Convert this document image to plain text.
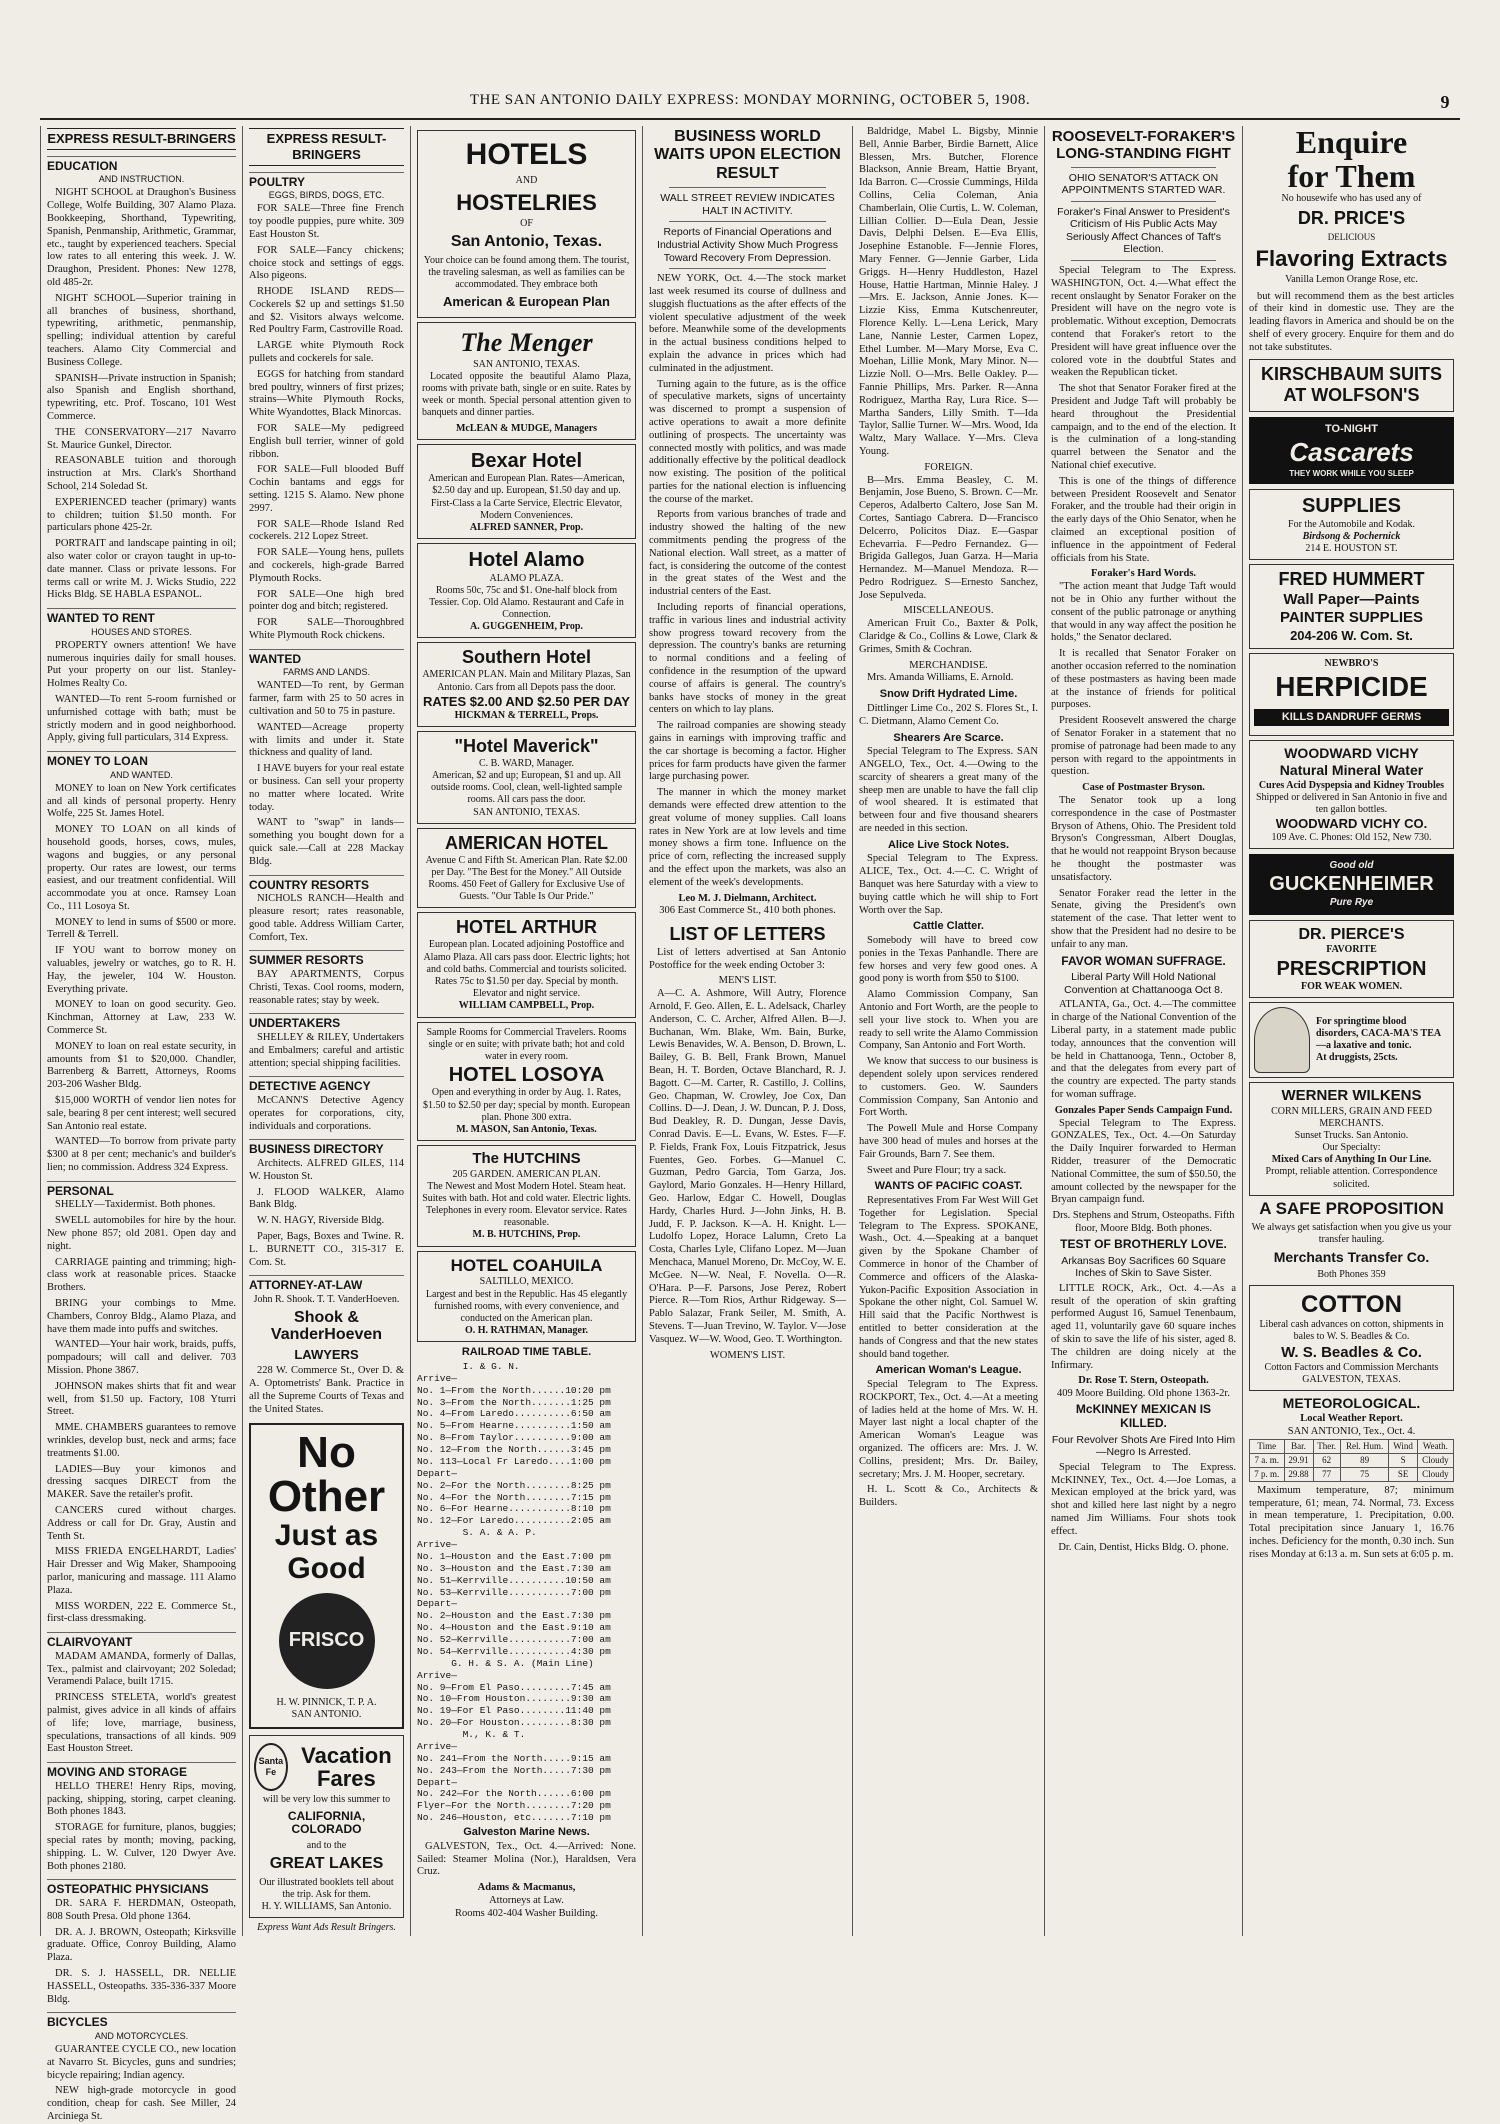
THE SAN ANTONIO DAILY EXPRESS: MONDAY MORNING, OCTOBER 5, 1908.	9
EXPRESS RESULT-BRINGERS
EDUCATION
AND INSTRUCTION.

NIGHT SCHOOL at Draughon's Business College, Wolfe Building, 307 Alamo Plaza. Bookkeeping, Shorthand, Typewriting, Spanish, Penmanship, Arithmetic, Grammar, etc., taught by experienced teachers. Special low rates to all entering this week. J. W. Draughon, President. Phones: New 1278, old 485-2r.

NIGHT SCHOOL—Superior training in all branches of business, shorthand, typewriting, arithmetic, penmanship, spelling; individual attention by careful teachers. Alamo City Commercial and Business College.

SPANISH—Private instruction in Spanish; also Spanish and English shorthand, typewriting, etc. Prof. Toscano, 101 West Commerce.

THE CONSERVATORY—217 Navarro St. Maurice Gunkel, Director.

REASONABLE tuition and thorough instruction at Mrs. Clark's Shorthand School, 214 Soledad St.

EXPERIENCED teacher (primary) wants to children; tuition $1.50 month. For particulars phone 425-2r.

PORTRAIT and landscape painting in oil; also water color or crayon taught in up-to-date manner. Class or private lessons. For terms call or write M. J. Wicks Studio, 222 Hicks Bldg. SE HABLA ESPANOL.

WANTED TO RENT
HOUSES AND STORES.

PROPERTY owners attention! We have numerous inquiries daily for small houses. Put your property on our list. Stanley-Holmes Realty Co.

WANTED—To rent 5-room furnished or unfurnished cottage with bath; must be strictly modern and in good neighborhood. Apply, giving full particulars, 314 Express.

MONEY TO LOAN
AND WANTED.

MONEY to loan on New York certificates and all kinds of personal property. Henry Wolfe, 225 St. James Hotel.

MONEY TO LOAN on all kinds of household goods, horses, cows, mules, wagons and buggies, or any personal property. Our rates are lowest, our terms easiest, and our treatment confidential. Will accommodate you at once. Ramsey Loan Co., 111 Losoya St.

MONEY to lend in sums of $500 or more. Terrell & Terrell.

IF YOU want to borrow money on valuables, jewelry or watches, go to R. H. Hay, the jeweler, 104 W. Houston. Everything private.

MONEY to loan on good security. Geo. Kinchman, Attorney at Law, 233 W. Commerce St.

MONEY to loan on real estate security, in amounts from $1 to $20,000. Chandler, Barrenberg & Barrett, Attorneys, Rooms 203-206 Washer Bldg.

$15,000 WORTH of vendor lien notes for sale, bearing 8 per cent interest; well secured San Antonio real estate.

WANTED—To borrow from private party $300 at 8 per cent; mechanic's and builder's lien; no commission. Address 324 Express.

PERSONAL

SHELLY—Taxidermist. Both phones.

SWELL automobiles for hire by the hour. New phone 857; old 2081. Open day and night.

CARRIAGE painting and trimming; high-class work at reasonable prices. Staacke Brothers.

BRING your combings to Mme. Chambers, Conroy Bldg., Alamo Plaza, and have them made into puffs and switches.

WANTED—Your hair work, braids, puffs, pompadours; will call and deliver. 703 Mission. Phone 3867.

JOHNSON makes shirts that fit and wear well, from $1.50 up. Factory, 108 Yturri Street.

MME. CHAMBERS guarantees to remove wrinkles, develop bust, neck and arms; face treatments $1.00.

LADIES—Buy your kimonos and dressing sacques DIRECT from the MAKER. Save the retailer's profit.

CANCERS cured without charges. Address or call for Dr. Gray, Austin and Tenth St.

MISS FRIEDA ENGELHARDT, Ladies' Hair Dresser and Wig Maker, Shampooing parlor, manicuring and massage. 111 Alamo Plaza.

MISS WORDEN, 222 E. Commerce St., first-class dressmaking.

CLAIRVOYANT

MADAM AMANDA, formerly of Dallas, Tex., palmist and clairvoyant; 202 Soledad; Veramendi Palace, built 1715.

PRINCESS STELETA, world's greatest palmist, gives advice in all kinds of affairs of life; love, marriage, business, speculations, transactions of all kinds. 909 East Houston Street.

MOVING AND STORAGE

HELLO THERE! Henry Rips, moving, packing, shipping, storing, carpet cleaning. Both phones 1843.

STORAGE for furniture, planos, buggies; special rates by month; moving, packing, shipping. L. W. Culver, 120 Dwyer Ave. Both phones 2180.

OSTEOPATHIC PHYSICIANS

DR. SARA F. HERDMAN, Osteopath, 808 South Presa. Old phone 1364.

DR. A. J. BROWN, Osteopath; Kirksville graduate. Office, Conroy Building, Alamo Plaza.

DR. S. J. HASSELL, DR. NELLIE HASSELL, Osteopaths. 335-336-337 Moore Bldg.

BICYCLES
AND MOTORCYCLES.

GUARANTEE CYCLE CO., new location at Navarro St. Bicycles, guns and sundries; bicycle repairing; Indian agency.

NEW high-grade motorcycle in good condition, cheap for cash. See Miller, 24 Arciniega St.

EXPRESS RESULT-BRINGERS
POULTRY
EGGS, BIRDS, DOGS, ETC.

FOR SALE—Three fine French toy poodle puppies, pure white. 309 East Houston St.

FOR SALE—Fancy chickens; choice stock and settings of eggs. Also pigeons.

RHODE ISLAND REDS—Cockerels $2 up and settings $1.50 and $2. Visitors always welcome. Red Poultry Farm, Castroville Road.

LARGE white Plymouth Rock pullets and cockerels for sale.

EGGS for hatching from standard bred poultry, winners of first prizes; strains—White Plymouth Rocks, White Wyandottes, Black Minorcas.

FOR SALE—My pedigreed English bull terrier, winner of gold ribbon.

FOR SALE—Full blooded Buff Cochin bantams and eggs for setting. 1215 S. Alamo. New phone 2997.

FOR SALE—Rhode Island Red cockerels. 212 Lopez Street.

FOR SALE—Young hens, pullets and cockerels, high-grade Barred Plymouth Rocks.

FOR SALE—One high bred pointer dog and bitch; registered.

FOR SALE—Thoroughbred White Plymouth Rock chickens.

WANTED
FARMS AND LANDS.

WANTED—To rent, by German farmer, farm with 25 to 50 acres in cultivation and 50 to 75 in pasture.

WANTED—Acreage property with limits and under it. State thickness and quality of land.

I HAVE buyers for your real estate or business. Can sell your property no matter where located. Write today.

WANT to "swap" in lands—something you bought down for a quick sale.—Call at 228 Mackay Bldg.

COUNTRY RESORTS

NICHOLS RANCH—Health and pleasure resort; rates reasonable, good table. Address William Carter, Comfort, Tex.

SUMMER RESORTS

BAY APARTMENTS, Corpus Christi, Texas. Cool rooms, modern, reasonable rates; stay by week.

UNDERTAKERS

SHELLEY & RILEY, Undertakers and Embalmers; careful and artistic attention; special shipping facilities.

DETECTIVE AGENCY

McCANN'S Detective Agency operates for corporations, city, individuals and corporations.

BUSINESS DIRECTORY

Architects. ALFRED GILES, 114 W. Houston St.

J. FLOOD WALKER, Alamo Bank Bldg.

W. N. HAGY, Riverside Bldg.

Paper, Bags, Boxes and Twine. R. L. BURNETT CO., 315-317 E. Com. St.

ATTORNEY-AT-LAW
John R. Shook. T. T. VanderHoeven.
Shook & VanderHoeven
LAWYERS

228 W. Commerce St., Over D. & A. Optometrists' Bank. Practice in all the Supreme Courts of Texas and the United States.

No
Other
Just as Good
FRISCO
H. W. PINNICK, T. P. A.
SAN ANTONIO.
Santa Fe
Vacation Fares
will be very low this summer to
CALIFORNIA, COLORADO
and to the
GREAT LAKES
Our illustrated booklets tell about the trip. Ask for them.
H. Y. WILLIAMS, San Antonio.
Express Want Ads Result Bringers.
HOTELS
AND
HOSTELRIES
OF
San Antonio, Texas.
Your choice can be found among them. The tourist, the traveling salesman, as well as families can be accommodated. They embrace both
American & European Plan
The Menger
SAN ANTONIO, TEXAS.

Located opposite the beautiful Alamo Plaza, rooms with private bath, single or en suite. Rates by week or month. Special personal attention given to banquets and dinner parties.

McLEAN & MUDGE, Managers
Bexar Hotel
American and European Plan. Rates—American, $2.50 day and up. European, $1.50 day and up. First-Class a la Carte Service, Electric Elevator, Modern Conveniences.
ALFRED SANNER, Prop.
Hotel Alamo
ALAMO PLAZA.
Rooms 50c, 75c and $1. One-half block from Tessier. Cop. Old Alamo. Restaurant and Cafe in Connection.
A. GUGGENHEIM, Prop.
Southern Hotel
AMERICAN PLAN. Main and Military Plazas, San Antonio. Cars from all Depots pass the door.
RATES $2.00 AND $2.50 PER DAY
HICKMAN & TERRELL, Props.
"Hotel Maverick"
C. B. WARD, Manager.
American, $2 and up; European, $1 and up. All outside rooms. Cool, clean, well-lighted sample rooms. All cars pass the door.
SAN ANTONIO, TEXAS.
AMERICAN HOTEL
Avenue C and Fifth St. American Plan. Rate $2.00 per Day. "The Best for the Money." All Outside Rooms. 450 Feet of Gallery for Exclusive Use of Guests. "Our Table Is Our Pride."
HOTEL ARTHUR
European plan. Located adjoining Postoffice and Alamo Plaza. All cars pass door. Electric lights; hot and cold baths. Commercial and tourists solicited. Rates 75c to $1.50 per day. Special by month. Elevator and night service.
WILLIAM CAMPBELL, Prop.
Sample Rooms for Commercial Travelers. Rooms single or en suite; with private bath; hot and cold water in every room.
HOTEL LOSOYA
Open and everything in order by Aug. 1. Rates, $1.50 to $2.50 per day; special by month. European plan. Phone 300 extra.
M. MASON, San Antonio, Texas.
The HUTCHINS
205 GARDEN. AMERICAN PLAN.
The Newest and Most Modern Hotel. Steam heat. Suites with bath. Hot and cold water. Electric lights. Telephones in every room. Elevator service. Rates reasonable.
M. B. HUTCHINS, Prop.
HOTEL COAHUILA
SALTILLO, MEXICO.
Largest and best in the Republic. Has 45 elegantly furnished rooms, with every convenience, and conducted on the American plan.
O. H. RATHMAN, Manager.
RAILROAD TIME TABLE.
I. & G. N.
Arrive—
No. 1—From the North......10:20 pm
No. 3—From the North.......1:25 pm
No. 4—From Laredo..........6:50 am
No. 5—From Hearne..........1:50 am
No. 8—From Taylor..........9:00 am
No. 12—From the North......3:45 pm
No. 113—Local Fr Laredo....1:00 pm
Depart—
No. 2—For the North........8:25 pm
No. 4—For the North........7:15 pm
No. 6—For Hearne...........8:10 pm
No. 12—For Laredo..........2:05 am
S. A. & A. P.
Arrive—
No. 1—Houston and the East.7:00 pm
No. 3—Houston and the East.7:30 am
No. 51—Kerrville..........10:50 am
No. 53—Kerrville...........7:00 pm
Depart—
No. 2—Houston and the East.7:30 pm
No. 4—Houston and the East.9:10 am
No. 52—Kerrville...........7:00 am
No. 54—Kerrville...........4:30 pm
G. H. & S. A. (Main Line)
Arrive—
No. 9—From El Paso.........7:45 am
No. 10—From Houston........9:30 am
No. 19—For El Paso........11:40 pm
No. 20—For Houston.........8:30 pm
M., K. & T.
Arrive—
No. 241—From the North.....9:15 am
No. 243—From the North.....7:30 pm
Depart—
No. 242—For the North......6:00 pm
Flyer—For the North........7:20 pm
No. 246—Houston, etc.......7:10 pm
Galveston Marine News.

GALVESTON, Tex., Oct. 4.—Arrived: None. Sailed: Steamer Molina (Nor.), Haraldsen, Vera Cruz.

Adams & Macmanus,
Attorneys at Law.
Rooms 402-404 Washer Building.
BUSINESS WORLD WAITS UPON ELECTION RESULT
WALL STREET REVIEW INDICATES HALT IN ACTIVITY.
Reports of Financial Operations and Industrial Activity Show Much Progress Toward Recovery From Depression.

NEW YORK, Oct. 4.—The stock market last week resumed its course of dullness and sluggish fluctuations as the after effects of the violent speculative adjustment of the week before. Meanwhile some of the developments in the actual business conditions helped to explain the advance in prices which had culminated in the adjustment.

Turning again to the future, as is the office of speculative markets, signs of uncertainty was discerned to prompt a suspension of active operations to await a more definite outlining of prospects. The uncertainty was connected mostly with politics, and was made additionally effective by the political deadlock now existing. The position of the political parties for the national election is influencing the course of the market.

Reports from various branches of trade and industry showed the halting of the new commitments pending the progress of the National election. Wall street, as a matter of fact, is considering the outcome of the contest in the great states of the West and the industrial centers of the East.

Including reports of financial operations, traffic in various lines and industrial activity show progress toward recovery from the depression. The country's banks are returning to normal conditions and a feeling of confidence in the resumption of the upward course of affairs is general. The country's banks have stocks of money in the great centers on which to lay plans.

The railroad companies are showing steady gains in earnings with improving traffic and the car shortage is becoming a factor. Higher prices for farm products have given the farmer large purchasing power.

The manner in which the money market demands were effected drew attention to the great volume of money supplies. Call loans rates in New York are at low levels and time money shows a firm tone. Influence on the price of corn, reflecting the increased supply and the effect upon the markets, was also an element of the week's developments.

Leo M. J. Dielmann, Architect.
306 East Commerce St., 410 both phones.
LIST OF LETTERS

List of letters advertised at San Antonio Postoffice for the week ending October 3:

MEN'S LIST.

A—C. A. Ashmore, Will Autry, Florence Arnold, F. Geo. Allen, E. L. Adelsack, Charley Anderson, C. C. Archer, Alfred Allen. B—J. Buchanan, Wm. Blake, Wm. Bain, Burke, Lewis Benavides, W. A. Benson, D. Brown, L. Bailey, G. B. Bell, Frank Brown, Manuel Bean, H. T. Borden, Octave Blanchard, R. J. Bagott. C—M. Carter, R. Castillo, J. Collins, Geo. Chapman, W. Crowley, Joe Cox, Dan Collins. D—J. Dean, J. W. Duncan, P. J. Doss, Bud Deakley, R. D. Dungan, Jesse Davis, Conrad Davis. E—L. Evans, W. Estes. F—F. P. Fields, Frank Fox, Louis Fitzpatrick, Jesus Fuentes, Geo. Forbes. G—Manuel C. Guzman, Pedro Garcia, Tom Garza, Jos. Gaylord, Mario Gonzales. H—Henry Hillard, Geo. Harlow, Edgar C. Howell, Douglas Hardy, Charles Hurd. J—John Jinks, H. B. Judd, F. P. Jackson. K—A. H. Knight. L—Ludolfo Lopez, Horace Lalumn, Creto La Costa, Charles Lyle, Clifano Lopez. M—Juan Menchaca, Manuel Moreno, Dr. McCoy, W. E. McGee. N—W. Neal, F. Novella. O—R. O'Hara. P—F. Parsons, Jose Perez, Robert Pierce. R—Tom Rios, Arthur Ridgeway. S—Pablo Salazar, Frank Seiler, M. Smith, A. Stevens. T—Juan Trevino, W. Taylor. V—Jose Vasquez. W—W. Wood, Geo. T. Worthington.

WOMEN'S LIST.

Baldridge, Mabel L. Bigsby, Minnie Bell, Annie Barber, Birdie Barnett, Alice Blessen, Mrs. Butcher, Florence Blackson, Annie Bream, Hattie Bryant, Ida Barron. C—Crossie Cummings, Hilda Collins, Celia Coleman, Ania Chamberlain, Olie Curtis, L. W. Coleman, Lillian Collier. D—Eula Dean, Jessie Davis, Delphi Delsen. E—Eva Ellis, Josephine Estanoble. F—Jennie Flores, Mary Fenner. G—Jennie Garber, Lida Griggs. H—Henry Huddleston, Hazel House, Hattie Hartman, Minnie Haley. J—Mrs. E. Jackson, Annie Jones. K—Lizzie Kiss, Emma Kutschenreuter, Florence Kelly. L—Lena Lerick, Mary Lane, Nannie Lester, Carmen Lopez, Ethel Lumber. M—Mary Morse, Eva C. Moehan, Lillie Monk, Mary Minor. N—Lizzie Noll. O—Mrs. Belle Oakley. P—Fannie Phillips, Mrs. Parker. R—Anna Rodriguez, Martha Ray, Lura Rice. S—Martha Sanders, Lilly Smith. T—Ida Taylor, Sallie Turner. W—Mrs. Wood, Ida Waltz, Mary Wallace. Y—Mrs. Cleva Young.

FOREIGN.

B—Mrs. Emma Beasley, C. M. Benjamin, Jose Bueno, S. Brown. C—Mr. Ceperos, Adalberto Caltero, Jose San M. Cortes, Santiago Cabrera. D—Francisco Delcerro, Policitos Diaz. E—Gaspar Echevarria. F—Pedro Fernandez. G—Brigida Gallegos, Juan Garza. H—Maria Hernandez. M—Manuel Mendoza. R—Pedro Rodriguez. S—Ernesto Sanchez, Jose Sepulveda.

MISCELLANEOUS.

American Fruit Co., Baxter & Polk, Claridge & Co., Collins & Lowe, Clark & Grimes, Smith & Cochran.

MERCHANDISE.

Mrs. Amanda Williams, E. Arnold.

Snow Drift Hydrated Lime.

Dittlinger Lime Co., 202 S. Flores St., I. C. Dietmann, Alamo Cement Co.

Shearers Are Scarce.

Special Telegram to The Express. SAN ANGELO, Tex., Oct. 4.—Owing to the scarcity of shearers a great many of the sheep men are unable to have the fall clip of wool sheared. It is estimated that between four and five thousand shearers are needed in this section.

Alice Live Stock Notes.

Special Telegram to The Express. ALICE, Tex., Oct. 4.—C. C. Wright of Banquet was here Saturday with a view to buying cattle which he will ship to Fort Worth over the Sap.

Cattle Clatter.

Somebody will have to breed cow ponies in the Texas Panhandle. There are few horses and very few good ones. A good pony is worth from $50 to $100.

Alamo Commission Company, San Antonio and Fort Worth, are the people to sell your live stock to. When you are ready to sell write the Alamo Commission Company, San Antonio and Fort Worth.

We know that success to our business is dependent solely upon services rendered to customers. Geo. W. Saunders Commission Company, San Antonio and Fort Worth.

The Powell Mule and Horse Company have 300 head of mules and horses at the Fair Grounds, Barn 7. See them.

Sweet and Pure Flour; try a sack.

WANTS OF PACIFIC COAST.

Representatives From Far West Will Get Together for Legislation. Special Telegram to The Express. SPOKANE, Wash., Oct. 4.—Speaking at a banquet given by the Spokane Chamber of Commerce in honor of the Chamber of Commerce and officers of the Alaska-Yukon-Pacific Exposition Association in Spokane the other night, Col. Samuel W. Hill said that the Pacific Northwest is entitled to better consideration at the hands of Congress and that the new states should band together.

American Woman's League.

Special Telegram to The Express. ROCKPORT, Tex., Oct. 4.—At a meeting of ladies held at the home of Mrs. W. H. Mayer last night a local chapter of the American Woman's League was organized. The officers are: Mrs. J. W. Collins, president; Mrs. Dr. Bailey, secretary; Mrs. J. M. Hooper, secretary.

H. L. Scott & Co., Architects & Builders.

ROOSEVELT-FORAKER'S LONG-STANDING FIGHT
OHIO SENATOR'S ATTACK ON APPOINTMENTS STARTED WAR.
Foraker's Final Answer to President's Criticism of His Public Acts May Seriously Affect Chances of Taft's Election.

Special Telegram to The Express. WASHINGTON, Oct. 4.—What effect the recent onslaught by Senator Foraker on the President will have on the negro vote is problematic. Without exception, Democrats contend that Foraker's retort to the President will have great influence over the colored vote in the doubtful States and weaken the Republican ticket.

The shot that Senator Foraker fired at the President and Judge Taft will probably be heard throughout the Presidential campaign, and to the end of the election. It is the culmination of a long-standing quarrel between the Senator and the National chief executive.

This is one of the things of difference between President Roosevelt and Senator Foraker, and the trouble had their origin in the early days of the Ohio Senator, when he claimed an exceptional position of influence in the appointment of Federal officials from his State.

Foraker's Hard Words.

"The action meant that Judge Taft would not be in Ohio any further without the consent of the public patronage or anything that would in any way affect the position he holds," the Senator declared.

It is recalled that Senator Foraker on another occasion referred to the nomination of these postmasters as having been made at the instance of friends for political purposes.

President Roosevelt answered the charge of Senator Foraker in a statement that no promise of patronage had been made to any person with regard to the appointments in question.

Case of Postmaster Bryson.

The Senator took up a long correspondence in the case of Postmaster Bryson of Athens, Ohio. The President told Bryson's Congressman, Albert Douglas, that he would not reappoint Bryson because he thought the postmaster was unsatisfactory.

Senator Foraker read the letter in the Senate, giving the President's own statement of the case. That letter went to show that the President had no desire to be unfair to any man.

FAVOR WOMAN SUFFRAGE.
Liberal Party Will Hold National Convention at Chattanooga Oct 8.

ATLANTA, Ga., Oct. 4.—The committee in charge of the National Convention of the Liberal party, in a statement made public today, announces that the convention will be held in Chattanooga, Tenn., October 8, and that the delegates from every part of the country are expected. The party stands for woman suffrage.

Gonzales Paper Sends Campaign Fund.

Special Telegram to The Express. GONZALES, Tex., Oct. 4.—On Saturday the Daily Inquirer forwarded to Herman Ridder, treasurer of the Democratic National Committee, the sum of $50.50, the amount collected by the newspaper for the Bryan campaign fund.

Drs. Stephens and Strum, Osteopaths. Fifth floor, Moore Bldg. Both phones.
TEST OF BROTHERLY LOVE.
Arkansas Boy Sacrifices 60 Square Inches of Skin to Save Sister.

LITTLE ROCK, Ark., Oct. 4.—As a result of the operation of skin grafting performed August 16, Samuel Tenenbaum, aged 11, voluntarily gave 60 square inches of skin to save the life of his sister, aged 8. The children are doing nicely at the Infirmary.

Dr. Rose T. Stern, Osteopath.
409 Moore Building. Old phone 1363-2r.
McKINNEY MEXICAN IS KILLED.
Four Revolver Shots Are Fired Into Him—Negro Is Arrested.

Special Telegram to The Express. McKINNEY, Tex., Oct. 4.—Joe Lomas, a Mexican employed at the brick yard, was shot and killed here last night by a negro named Jim Williams. Four shots took effect.

Dr. Cain, Dentist, Hicks Bldg. O. phone.
Enquire
for Them
No housewife who has used any of
DR. PRICE'S
DELICIOUS
Flavoring Extracts
Vanilla Lemon Orange Rose, etc.

but will recommend them as the best articles of their kind in domestic use. They are the leading flavors in America and should be on the shelf of every grocery. Enquire for them and do not take substitutes.

KIRSCHBAUM SUITS AT WOLFSON'S
TO-NIGHT
Cascarets
THEY WORK WHILE YOU SLEEP
SUPPLIES
For the Automobile and Kodak.
Birdsong & Pochernick
214 E. HOUSTON ST.
FRED HUMMERT
Wall Paper—Paints
PAINTER SUPPLIES
204-206 W. Com. St.
NEWBRO'S
HERPICIDE
KILLS DANDRUFF GERMS
WOODWARD VICHY
Natural Mineral Water
Cures Acid Dyspepsia and Kidney Troubles
Shipped or delivered in San Antonio in five and ten gallon bottles.
WOODWARD VICHY CO.
109 Ave. C. Phones: Old 152, New 730.
Good old
GUCKENHEIMER
Pure Rye
DR. PIERCE'S
FAVORITE
PRESCRIPTION
FOR WEAK WOMEN.
For springtime blood disorders, CACA-MA'S TEA—a laxative and tonic.
At druggists, 25cts.
WERNER WILKENS
CORN MILLERS, GRAIN AND FEED MERCHANTS.
Sunset Trucks. San Antonio.
Our Specialty:
Mixed Cars of Anything In Our Line.
Prompt, reliable attention. Correspondence solicited.
A SAFE PROPOSITION
We always get satisfaction when you give us your transfer hauling.
Merchants Transfer Co.
Both Phones 359
COTTON
Liberal cash advances on cotton, shipments in bales to W. S. Beadles & Co.
W. S. Beadles & Co.
Cotton Factors and Commission Merchants
GALVESTON, TEXAS.
METEOROLOGICAL.
Local Weather Report.
SAN ANTONIO, Tex., Oct. 4.
Time	Bar.	Ther.	Rel. Hum.	Wind	Weath.
7 a. m.	29.91	62	89	S	Cloudy
7 p. m.	29.88	77	75	SE	Cloudy

Maximum temperature, 87; minimum temperature, 61; mean, 74. Normal, 73. Excess in mean temperature, 1. Precipitation, 0.00. Total precipitation since January 1, 16.76 inches. Deficiency for the month, 0.30 inch. Sun rises Monday at 6:13 a. m. Sun sets at 6:05 p. m.
